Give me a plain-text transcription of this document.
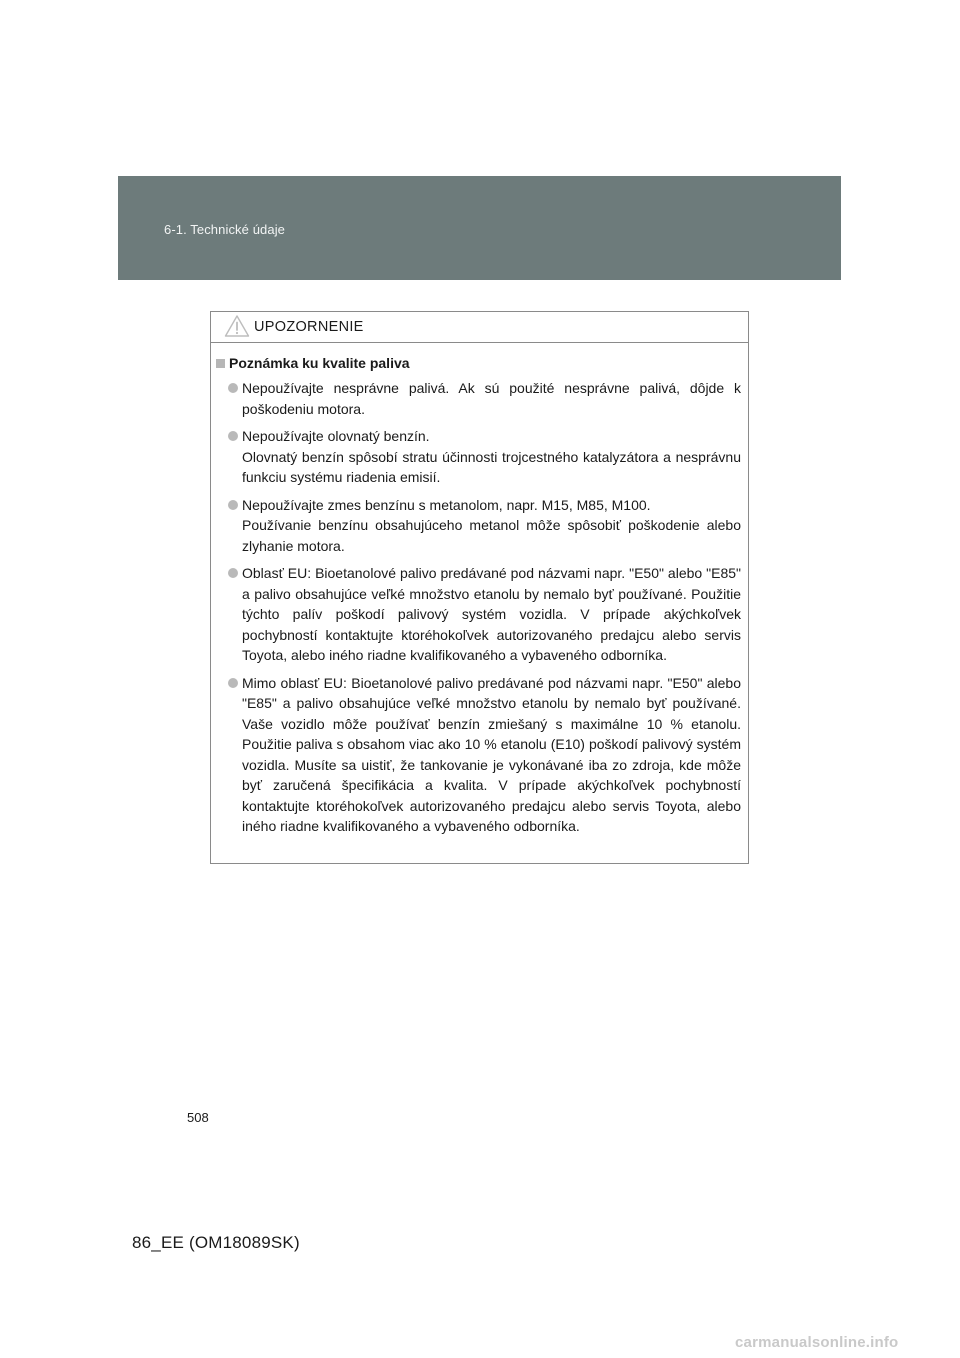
6-1. Technické údaje
UPOZORNENIE
Poznámka ku kvalite paliva

Nepoužívajte nesprávne palivá. Ak sú použité nesprávne palivá, dôjde k poškodeniu motora.

Nepoužívajte olovnatý benzín.

Olovnatý benzín spôsobí stratu účinnosti trojcestného katalyzátora a nesprávnu funkciu systému riadenia emisií.

Nepoužívajte zmes benzínu s metanolom, napr. M15, M85, M100.

Používanie benzínu obsahujúceho metanol môže spôsobiť poškodenie alebo zlyhanie motora.

Oblasť EU: Bioetanolové palivo predávané pod názvami napr. "E50" alebo "E85" a palivo obsahujúce veľké množstvo etanolu by nemalo byť používané. Použitie týchto palív poškodí palivový systém vozidla. V prípade akýchkoľvek pochybností kontaktujte ktoréhokoľvek autorizovaného predajcu alebo servis Toyota, alebo iného riadne kvalifikovaného a vybaveného odborníka.

Mimo oblasť EU: Bioetanolové palivo predávané pod názvami napr. "E50" alebo "E85" a palivo obsahujúce veľké množstvo etanolu by nemalo byť používané. Vaše vozidlo môže používať benzín zmiešaný s maximálne 10 % etanolu. Použitie paliva s obsahom viac ako 10 % etanolu (E10) poškodí palivový systém vozidla. Musíte sa uistiť, že tankovanie je vykonávané iba zo zdroja, kde môže byť zaručená špecifikácia a kvalita. V prípade akýchkoľvek pochybností kontaktujte ktoréhokoľvek autorizovaného predajcu alebo servis Toyota, alebo iného riadne kvalifikovaného a vybaveného odborníka.

508
86_EE (OM18089SK)
carmanualsonline.info
